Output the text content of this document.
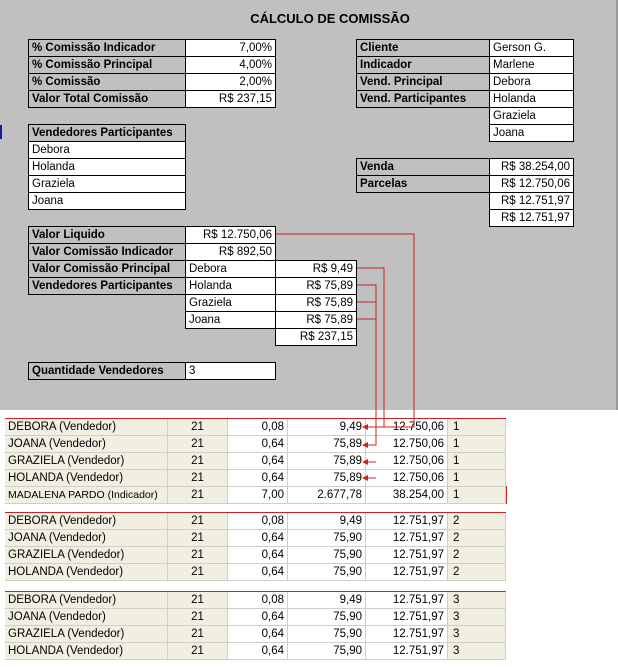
CÁLCULO DE COMISSÃO
% Comissão Indicador	7,00%
% Comissão Principal	4,00%
% Comissão	2,00%
Valor Total Comissão	R$ 237,15
Cliente	Gerson G.
Indicador	Marlene
Vend. Principal	Debora
Vend. Participantes	Holanda
Graziela
Joana
Vendedores Participantes
Debora
Holanda
Graziela
Joana
Venda	R$ 38.254,00
Parcelas	R$ 12.750,06
R$ 12.751,97
R$ 12.751,97
Valor Liquido	R$ 12.750,06
Valor Comissão Indicador	R$ 892,50
Valor Comissão Principal	Debora	R$ 9,49
Vendedores Participantes	Holanda	R$ 75,89
Graziela	R$ 75,89
Joana	R$ 75,89
R$ 237,15
Quantidade Vendedores	3
DEBORA (Vendedor)	21	0,08	9,49	12.750,06 1
JOANA (Vendedor)	21	0,64	75,89	12.750,06 1
GRAZIELA (Vendedor)	21	0,64	75,89	12.750,06 1
HOLANDA (Vendedor)	21	0,64	75,89	12.750,06 1
MADALENA PARDO (Indicador)	21	7,00	2.677,78	38.254,00 1
DEBORA (Vendedor)	21	0,08	9,49	12.751,97 2
JOANA (Vendedor)	21	0,64	75,90	12.751,97 2
GRAZIELA (Vendedor)	21	0,64	75,90	12.751,97 2
HOLANDA (Vendedor)	21	0,64	75,90	12.751,97 2
DEBORA (Vendedor)	21	0,08	9,49	12.751,97 3
JOANA (Vendedor)	21	0,64	75,90	12.751,97 3
GRAZIELA (Vendedor)	21	0,64	75,90	12.751,97 3
HOLANDA (Vendedor)	21	0,64	75,90	12.751,97 3
